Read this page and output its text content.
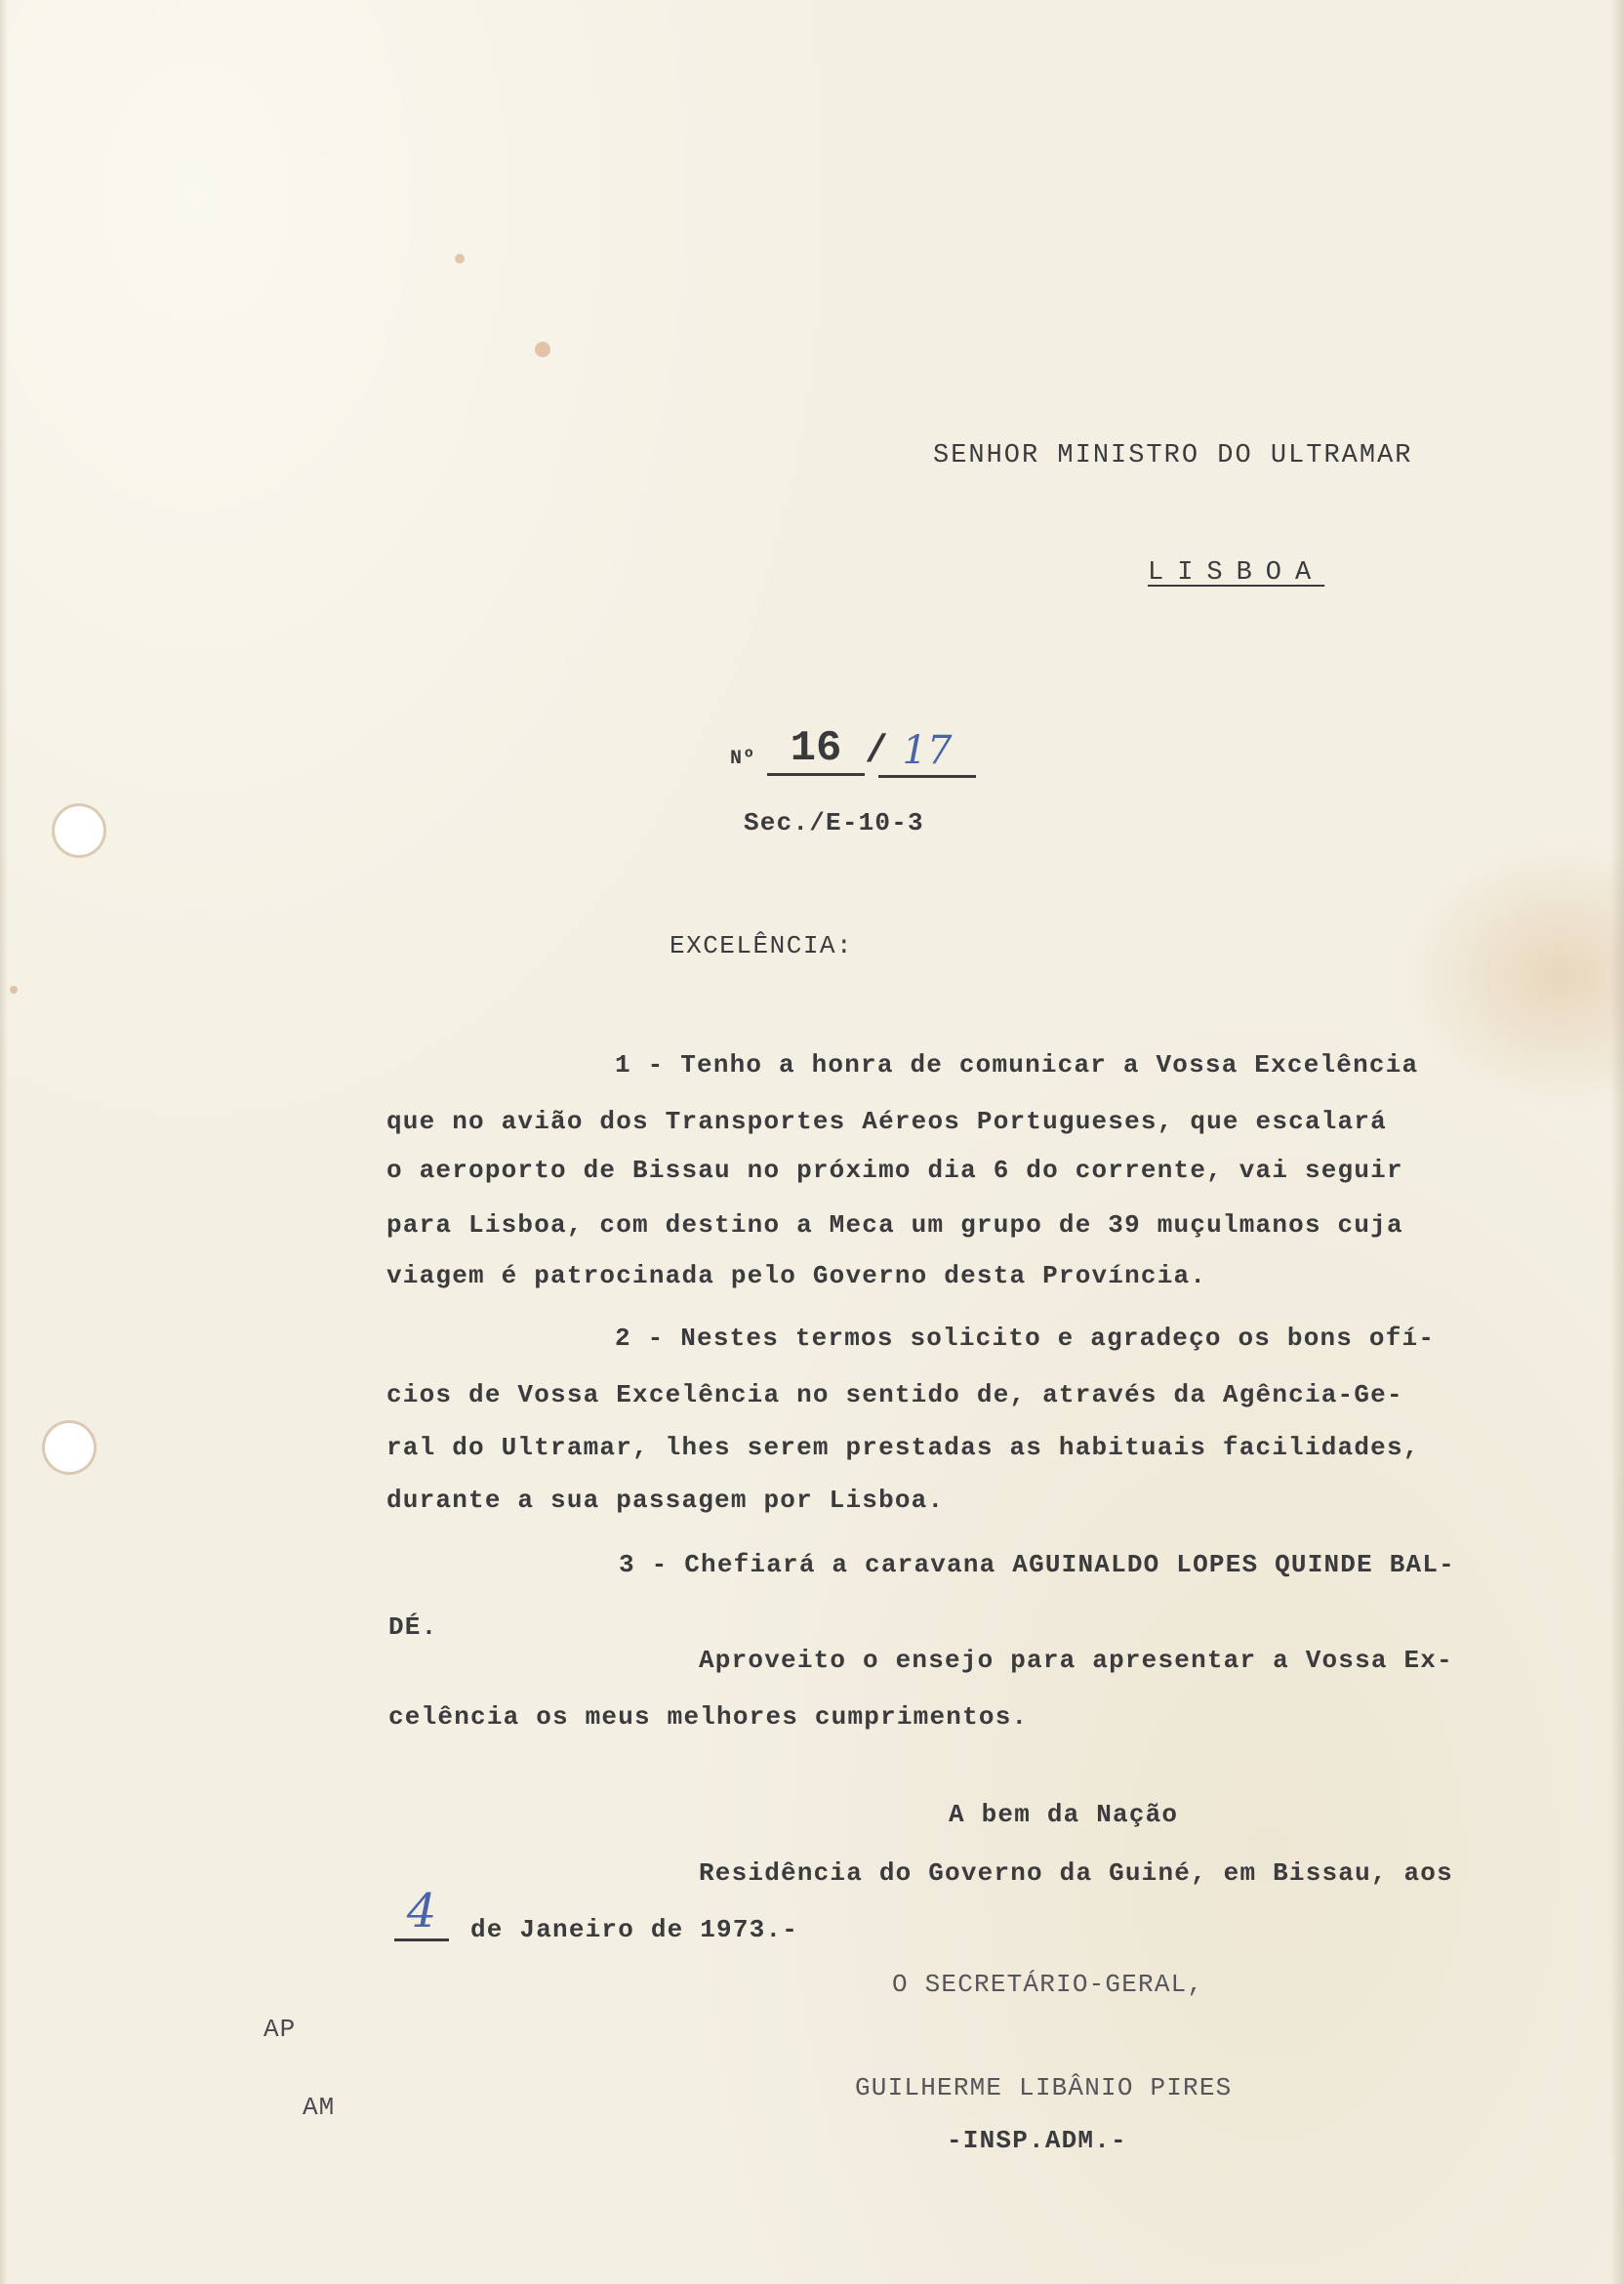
SENHOR MINISTRO DO ULTRAMAR
LISBOA
Nº 16 / 17
Sec./E-10-3
EXCELÊNCIA:
1 - Tenho a honra de comunicar a Vossa Excelência
que no avião dos Transportes Aéreos Portugueses, que escalará
o aeroporto de Bissau no próximo dia 6 do corrente, vai seguir
para Lisboa, com destino a Meca um grupo de 39 muçulmanos cuja
viagem é patrocinada pelo Governo desta Província.
2 - Nestes termos solicito e agradeço os bons ofí-
cios de Vossa Excelência no sentido de, através da Agência-Ge-
ral do Ultramar, lhes serem prestadas as habituais facilidades,
durante a sua passagem por Lisboa.
3 - Chefiará a caravana AGUINALDO LOPES QUINDE BAL-
DÉ.
Aproveito o ensejo para apresentar a Vossa Ex-
celência os meus melhores cumprimentos.
A bem da Nação
Residência do Governo da Guiné, em Bissau, aos
4	de Janeiro de 1973.-
O SECRETÁRIO-GERAL,
GUILHERME LIBÂNIO PIRES
-INSP.ADM.-
AP
AM
